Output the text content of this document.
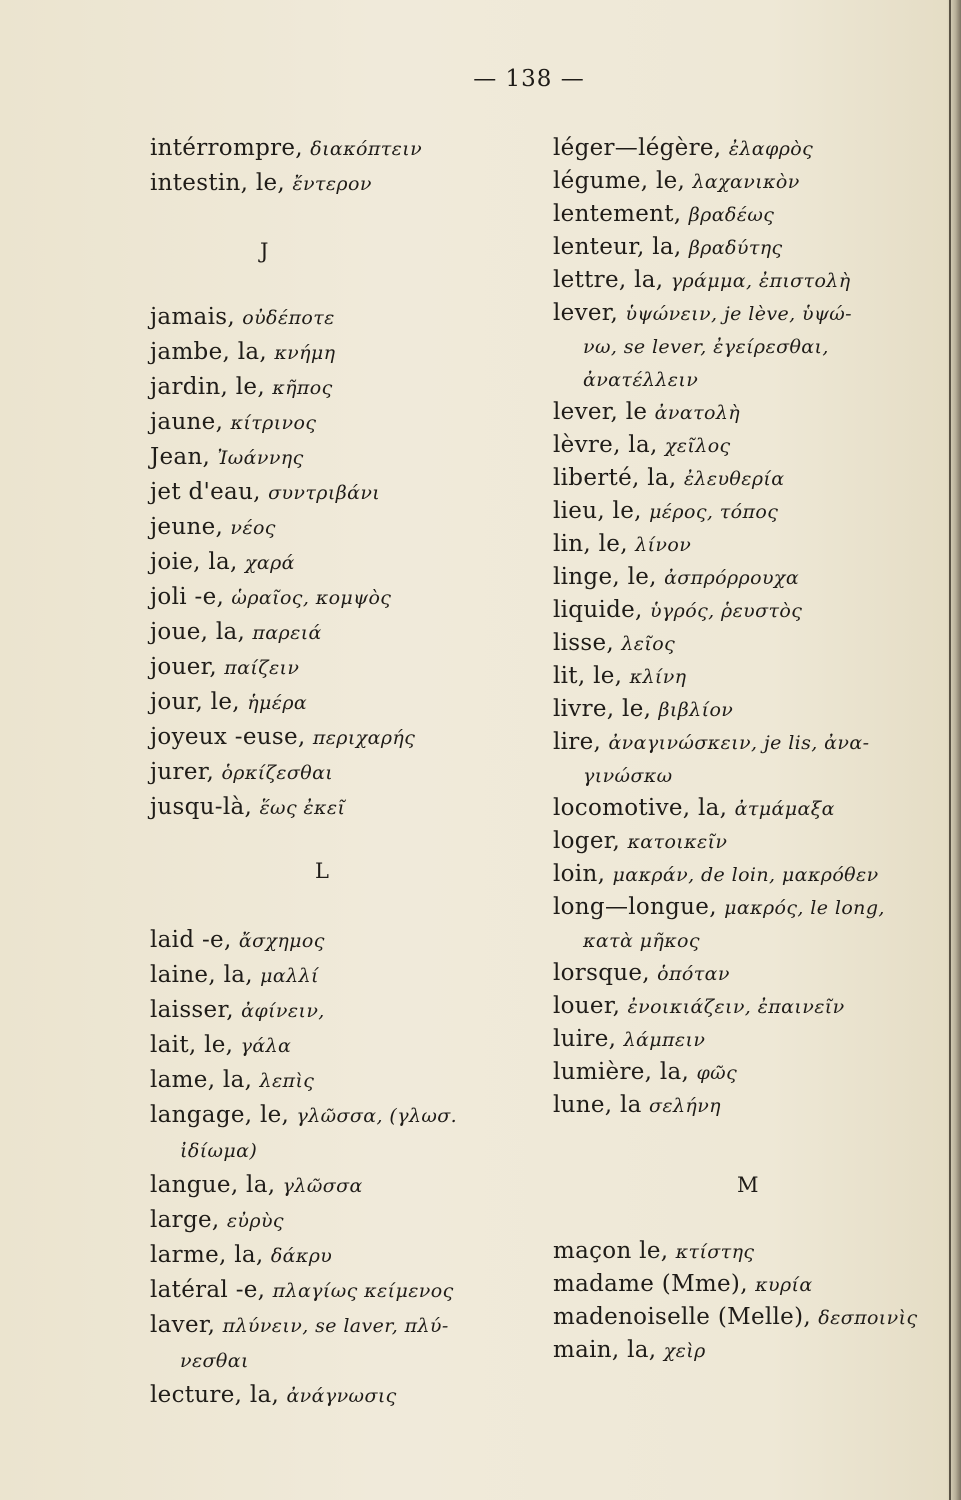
— 138 —
intérrompre, διακόπτειν
intestin, le, ἔντερον
J
jamais, οὐδέποτε
jambe, la, κνήμη
jardin, le, κῆπος
jaune, κίτρινος
Jean, Ἰωάννης
jet d'eau, συντριβάνι
jeune, νέος
joie, la, χαρά
joli -e, ὡραῖος, κομψὸς
joue, la, παρειά
jouer, παίζειν
jour, le, ἡμέρα
joyeux -euse, περιχαρής
jurer, ὁρκίζεσθαι
jusqu-là, ἕως ἐκεῖ
L
laid -e, ἄσχημος
laine, la, μαλλί
laisser, ἀφίνειν,
lait, le, γάλα
lame, la, λεπὶς
langage, le, γλῶσσα, (γλωσ.
ἰδίωμα)
langue, la, γλῶσσα
large, εὐρὺς
larme, la, δάκρυ
latéral -e, πλαγίως κείμενος
laver, πλύνειν, se laver, πλύ-
νεσθαι
lecture, la, ἀνάγνωσις
léger—légère, ἐλαφρὸς
légume, le, λαχανικὸν
lentement, βραδέως
lenteur, la, βραδύτης
lettre, la, γράμμα, ἐπιστολὴ
lever, ὑψώνειν, je lève, ὑψώ-
νω, se lever, ἐγείρεσθαι,
ἀνατέλλειν
lever, le ἀνατολὴ
lèvre, la, χεῖλος
liberté, la, ἐλευθερία
lieu, le, μέρος, τόπος
lin, le, λίνον
linge, le, ἀσπρόρρουχα
liquide, ὑγρός, ῥευστὸς
lisse, λεῖος
lit, le, κλίνη
livre, le, βιβλίον
lire, ἀναγινώσκειν, je lis, ἀνα-
γινώσκω
locomotive, la, ἀτμάμαξα
loger, κατοικεῖν
loin, μακράν, de loin, μακρόθεν
long—longue, μακρός, le long,
κατὰ μῆκος
lorsque, ὁπόταν
louer, ἐνοικιάζειν, ἐπαινεῖν
luire, λάμπειν
lumière, la, φῶς
lune, la σελήνη
M
maçon le, κτίστης
madame (Mme), κυρία
madenoiselle (Melle), δεσποινὶς
main, la, χεὶρ
